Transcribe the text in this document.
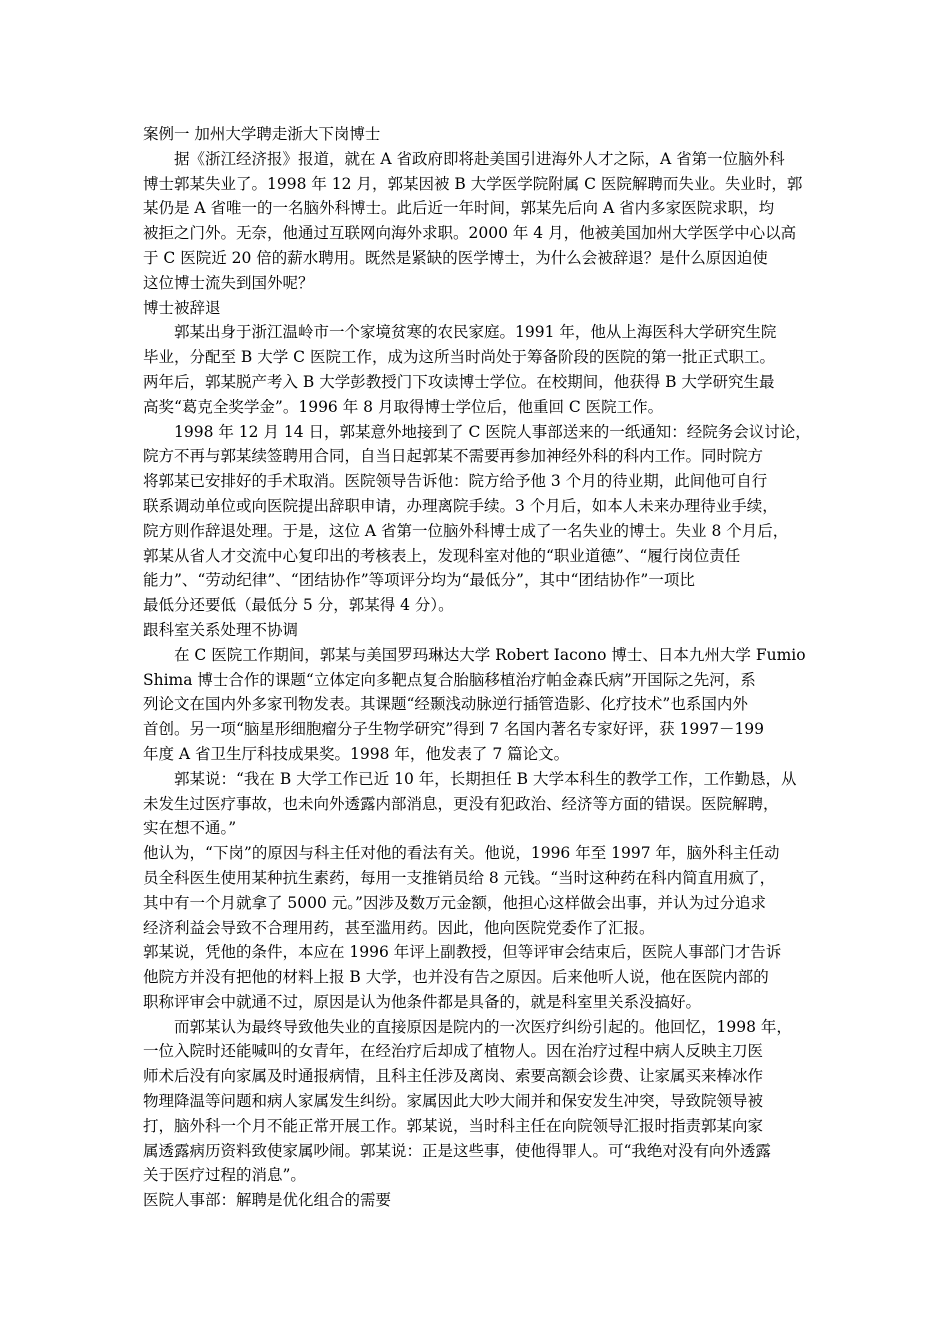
案例一 加州大学聘走浙大下岗博士
据《浙江经济报》报道，就在 A 省政府即将赴美国引进海外人才之际，A 省第一位脑外科
博士郭某失业了。1998 年 12 月，郭某因被 B 大学医学院附属 C 医院解聘而失业。失业时，郭
某仍是 A 省唯一的一名脑外科博士。此后近一年时间，郭某先后向 A 省内多家医院求职，均
被拒之门外。无奈，他通过互联网向海外求职。2000 年 4 月，他被美国加州大学医学中心以高
于 C 医院近 20 倍的薪水聘用。既然是紧缺的医学博士，为什么会被辞退？是什么原因迫使
这位博士流失到国外呢？
博士被辞退
郭某出身于浙江温岭市一个家境贫寒的农民家庭。1991 年，他从上海医科大学研究生院
毕业，分配至 B 大学 C 医院工作，成为这所当时尚处于筹备阶段的医院的第一批正式职工。
两年后，郭某脱产考入 B 大学彭教授门下攻读博士学位。在校期间，他获得 B 大学研究生最
高奖“葛克全奖学金”。1996 年 8 月取得博士学位后，他重回 C 医院工作。
1998 年 12 月 14 日，郭某意外地接到了 C 医院人事部送来的一纸通知：经院务会议讨论，
院方不再与郭某续签聘用合同，自当日起郭某不需要再参加神经外科的科内工作。同时院方
将郭某已安排好的手术取消。医院领导告诉他：院方给予他 3 个月的待业期，此间他可自行
联系调动单位或向医院提出辞职申请，办理离院手续。3 个月后，如本人未来办理待业手续，
院方则作辞退处理。于是，这位 A 省第一位脑外科博士成了一名失业的博士。失业 8 个月后，
郭某从省人才交流中心复印出的考核表上，发现科室对他的“职业道德”、“履行岗位责任
能力”、“劳动纪律”、“团结协作”等项评分均为“最低分”，其中“团结协作”一项比
最低分还要低（最低分 5 分，郭某得 4 分）。
跟科室关系处理不协调
在 C 医院工作期间，郭某与美国罗玛琳达大学 Robert Iacono 博士、日本九州大学 Fumio
Shima 博士合作的课题“立体定向多靶点复合胎脑移植治疗帕金森氏病”开国际之先河，系
列论文在国内外多家刊物发表。其课题“经颞浅动脉逆行插管造影、化疗技术”也系国内外
首创。另一项“脑星形细胞瘤分子生物学研究”得到 7 名国内著名专家好评，获 1997－199
年度 A 省卫生厅科技成果奖。1998 年，他发表了 7 篇论文。
郭某说：“我在 B 大学工作已近 10 年，长期担任 B 大学本科生的教学工作，工作勤恳，从
未发生过医疗事故，也未向外透露内部消息，更没有犯政治、经济等方面的错误。医院解聘，
实在想不通。”
他认为，“下岗”的原因与科主任对他的看法有关。他说，1996 年至 1997 年，脑外科主任动
员全科医生使用某种抗生素药，每用一支推销员给 8 元钱。“当时这种药在科内简直用疯了，
其中有一个月就拿了 5000 元。”因涉及数万元金额，他担心这样做会出事，并认为过分追求
经济利益会导致不合理用药，甚至滥用药。因此，他向医院党委作了汇报。
郭某说，凭他的条件，本应在 1996 年评上副教授，但等评审会结束后，医院人事部门才告诉
他院方并没有把他的材料上报 B 大学，也并没有告之原因。后来他听人说，他在医院内部的
职称评审会中就通不过，原因是认为他条件都是具备的，就是科室里关系没搞好。
而郭某认为最终导致他失业的直接原因是院内的一次医疗纠纷引起的。他回忆，1998 年，
一位入院时还能喊叫的女青年，在经治疗后却成了植物人。因在治疗过程中病人反映主刀医
师术后没有向家属及时通报病情，且科主任涉及离岗、索要高额会诊费、让家属买来棒冰作
物理降温等问题和病人家属发生纠纷。家属因此大吵大闹并和保安发生冲突，导致院领导被
打，脑外科一个月不能正常开展工作。郭某说，当时科主任在向院领导汇报时指责郭某向家
属透露病历资料致使家属吵闹。郭某说：正是这些事，使他得罪人。可“我绝对没有向外透露
关于医疗过程的消息”。
医院人事部：解聘是优化组合的需要
